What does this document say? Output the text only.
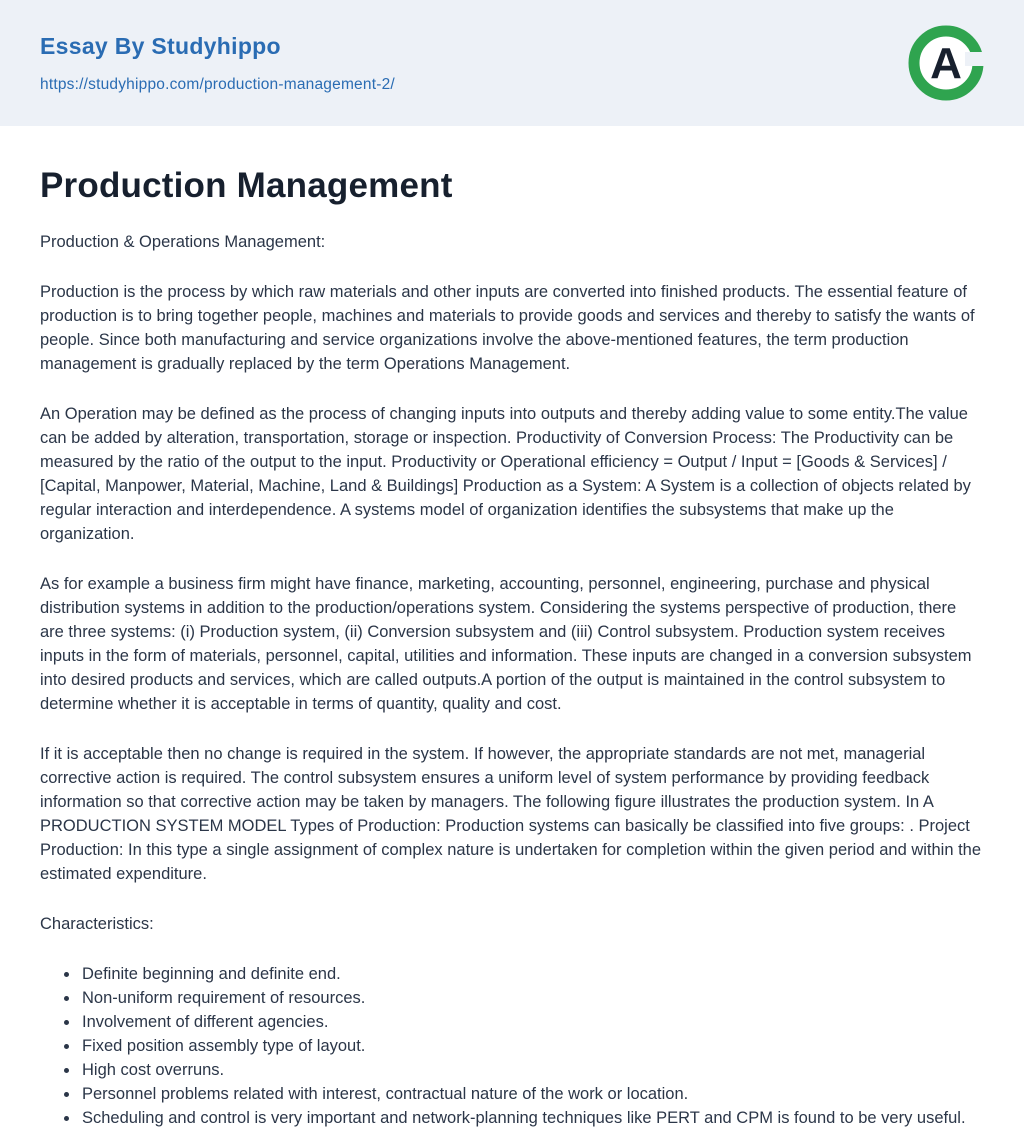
Essay By Studyhippo
https://studyhippo.com/production-management-2/	A
Production Management

Production & Operations Management:

Production is the process by which raw materials and other inputs are converted into finished products. The essential feature of production is to bring together people, machines and materials to provide goods and services and thereby to satisfy the wants of people. Since both manufacturing and service organizations involve the above-mentioned features, the term production management is gradually replaced by the term Operations Management.

An Operation may be defined as the process of changing inputs into outputs and thereby adding value to some entity.The value can be added by alteration, transportation, storage or inspection. Productivity of Conversion Process: The Productivity can be measured by the ratio of the output to the input. Productivity or Operational efficiency = Output / Input = [Goods & Services] / [Capital, Manpower, Material, Machine, Land & Buildings] Production as a System: A System is a collection of objects related by regular interaction and interdependence. A systems model of organization identifies the subsystems that make up the organization.

As for example a business firm might have finance, marketing, accounting, personnel, engineering, purchase and physical distribution systems in addition to the production/operations system. Considering the systems perspective of production, there are three systems: (i) Production system, (ii) Conversion subsystem and (iii) Control subsystem. Production system receives inputs in the form of materials, personnel, capital, utilities and information. These inputs are changed in a conversion subsystem into desired products and services, which are called outputs.A portion of the output is maintained in the control subsystem to determine whether it is acceptable in terms of quantity, quality and cost.

If it is acceptable then no change is required in the system. If however, the appropriate standards are not met, managerial corrective action is required. The control subsystem ensures a uniform level of system performance by providing feedback information so that corrective action may be taken by managers. The following figure illustrates the production system. In A PRODUCTION SYSTEM MODEL Types of Production: Production systems can basically be classified into five groups: . Project Production: In this type a single assignment of complex nature is undertaken for completion within the given period and within the estimated expenditure.

Characteristics:

• Definite beginning and definite end.
• Non-uniform requirement of resources.
• Involvement of different agencies.
• Fixed position assembly type of layout.
• High cost overruns.
• Personnel problems related with interest, contractual nature of the work or location.
• Scheduling and control is very important and network-planning techniques like PERT and CPM is found to be very useful.
